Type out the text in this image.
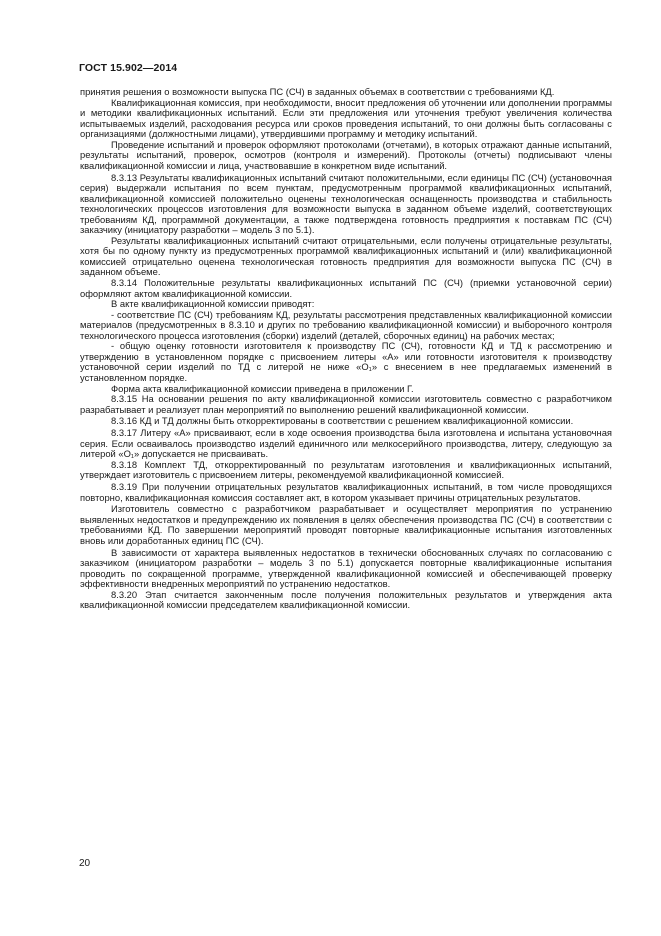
ГОСТ 15.902—2014

принятия решения о возможности выпуска ПС (СЧ) в заданных объемах в соответствии с требованиями КД.

Квалификационная комиссия, при необходимости, вносит предложения об уточнении или дополнении программы и методики квалификационных испытаний. Если эти предложения или уточнения требуют увеличения количества испытываемых изделий, расходования ресурса или сроков проведения испытаний, то они должны быть согласованы с организациями (должностными лицами), утвердившими программу и методику испытаний.

Проведение испытаний и проверок оформляют протоколами (отчетами), в которых отражают данные испытаний, результаты испытаний, проверок, осмотров (контроля и измерений). Протоколы (отчеты) подписывают члены квалификационной комиссии и лица, участвовавшие в конкретном виде испытаний.

8.3.13 Результаты квалификационных испытаний считают положительными, если единицы ПС (СЧ) (установочная серия) выдержали испытания по всем пунктам, предусмотренным программой квалификационных испытаний, квалификационной комиссией положительно оценены технологическая оснащенность производства и стабильность технологических процессов изготовления для возможности выпуска в заданном объеме изделий, соответствующих требованиям КД, программной документации, а также подтверждена готовность предприятия к поставкам ПС (СЧ) заказчику (инициатору разработки – модель 3 по 5.1).

Результаты квалификационных испытаний считают отрицательными, если получены отрицательные результаты, хотя бы по одному пункту из предусмотренных программой квалификационных испытаний и (или) квалификационной комиссией отрицательно оценена технологическая готовность предприятия для возможности выпуска ПС (СЧ) в заданном объеме.

8.3.14 Положительные результаты квалификационных испытаний ПС (СЧ) (приемки установочной серии) оформляют актом квалификационной комиссии.

В акте квалификационной комиссии приводят:

- соответствие ПС (СЧ) требованиям КД, результаты рассмотрения представленных квалификационной комиссии материалов (предусмотренных в 8.3.10 и других по требованию квалификационной комиссии) и выборочного контроля технологического процесса изготовления (сборки) изделий (деталей, сборочных единиц) на рабочих местах;

- общую оценку готовности изготовителя к производству ПС (СЧ), готовности КД и ТД к рассмотрению и утверждению в установленном порядке с присвоением литеры «А» или готовности изготовителя к производству установочной серии изделий по ТД с литерой не ниже «О₁» с внесением в нее предлагаемых изменений в установленном порядке.

Форма акта квалификационной комиссии приведена в приложении Г.

8.3.15 На основании решения по акту квалификационной комиссии изготовитель совместно с разработчиком разрабатывает и реализует план мероприятий по выполнению решений квалификационной комиссии.

8.3.16 КД и ТД должны быть откорректированы в соответствии с решением квалификационной комиссии.

8.3.17 Литеру «А» присваивают, если в ходе освоения производства была изготовлена и испытана установочная серия. Если осваивалось производство изделий единичного или мелкосерийного производства, литеру, следующую за литерой «О₁» допускается не присваивать.

8.3.18 Комплект ТД, откорректированный по результатам изготовления и квалификационных испытаний, утверждает изготовитель с присвоением литеры, рекомендуемой квалификационной комиссией.

8.3.19 При получении отрицательных результатов квалификационных испытаний, в том числе проводящихся повторно, квалификационная комиссия составляет акт, в котором указывает причины отрицательных результатов.

Изготовитель совместно с разработчиком разрабатывает и осуществляет мероприятия по устранению выявленных недостатков и предупреждению их появления в целях обеспечения производства ПС (СЧ) в соответствии с требованиями КД. По завершении мероприятий проводят повторные квалификационные испытания изготовленных вновь или доработанных единиц ПС (СЧ).

В зависимости от характера выявленных недостатков в технически обоснованных случаях по согласованию с заказчиком (инициатором разработки – модель 3 по 5.1) допускается повторные квалификационные испытания проводить по сокращенной программе, утвержденной квалификационной комиссией и обеспечивающей проверку эффективности внедренных мероприятий по устранению недостатков.

8.3.20 Этап считается законченным после получения положительных результатов и утверждения акта квалификационной комиссии председателем квалификационной комиссии.

20
